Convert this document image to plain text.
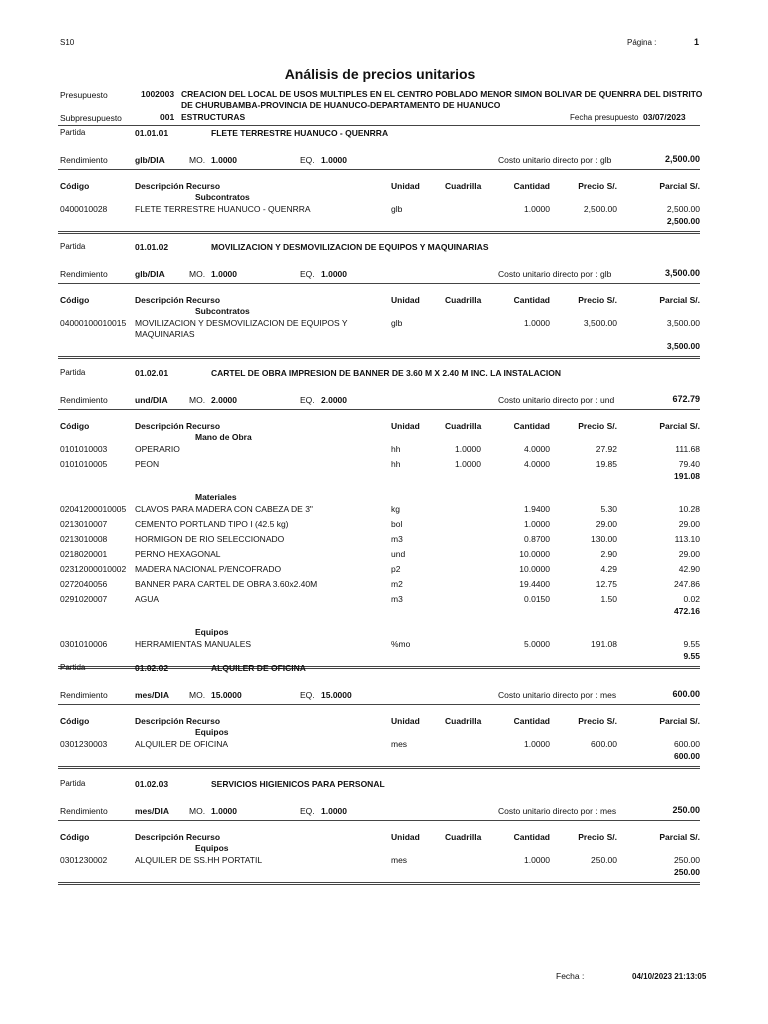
S10	Página :	1
Análisis de precios unitarios
Presupuesto	1002003 CREACION DEL LOCAL DE USOS MULTIPLES EN EL CENTRO POBLADO MENOR SIMON BOLIVAR DE QUENRRA DEL DISTRITO
DE CHURUBAMBA-PROVINCIA DE HUANUCO-DEPARTAMENTO DE HUANUCO
Subpresupuesto	001 ESTRUCTURAS	Fecha presupuesto 03/07/2023
Partida	01.01.01	FLETE TERRESTRE HUANUCO - QUENRRA
Rendimiento	glb/DIA	MO. 1.0000	EQ. 1.0000	Costo unitario directo por : glb	2,500.00
Código	Descripción Recurso	Unidad	Cuadrilla	Cantidad	Precio S/.	Parcial S/.
Subcontratos
0400010028	FLETE TERRESTRE HUANUCO - QUENRRA	glb	1.0000	2,500.00	2,500.00
2,500.00
Partida	01.01.02	MOVILIZACION Y DESMOVILIZACION DE EQUIPOS Y MAQUINARIAS
Rendimiento	glb/DIA	MO. 1.0000	EQ. 1.0000	Costo unitario directo por : glb	3,500.00
Código	Descripción Recurso	Unidad	Cuadrilla	Cantidad	Precio S/.	Parcial S/.
Subcontratos
04000100010015 MOVILIZACION Y DESMOVILIZACION DE EQUIPOS Y	glb	1.0000	3,500.00	3,500.00
MAQUINARIAS
3,500.00
Partida	01.02.01	CARTEL DE OBRA IMPRESION DE BANNER DE 3.60 M X 2.40 M INC. LA INSTALACION
Rendimiento	und/DIA	MO. 2.0000	EQ. 2.0000	Costo unitario directo por : und	672.79
Código	Descripción Recurso	Unidad	Cuadrilla	Cantidad	Precio S/.	Parcial S/.
Mano de Obra
0101010003	OPERARIO	hh	1.0000	4.0000	27.92	111.68
0101010005	PEON	hh	1.0000	4.0000	19.85	79.40
191.08
Materiales
02041200010005 CLAVOS PARA MADERA CON CABEZA DE 3"	kg	1.9400	5.30	10.28
0213010007	CEMENTO PORTLAND TIPO I (42.5 kg)	bol	1.0000	29.00	29.00
0213010008	HORMIGON DE RIO SELECCIONADO	m3	0.8700	130.00	113.10
0218020001	PERNO HEXAGONAL	und	10.0000	2.90	29.00
02312000010002 MADERA NACIONAL P/ENCOFRADO	p2	10.0000	4.29	42.90
0272040056	BANNER PARA CARTEL DE OBRA 3.60x2.40M	m2	19.4400	12.75	247.86
0291020007	AGUA	m3	0.0150	1.50	0.02
472.16
Equipos
0301010006	HERRAMIENTAS MANUALES	%mo	5.0000	191.08	9.55
9.55
Partida	01.02.02	ALQUILER DE OFICINA
Rendimiento	mes/DIA MO. 15.0000	EQ. 15.0000	Costo unitario directo por : mes	600.00
Código	Descripción Recurso	Unidad	Cuadrilla	Cantidad	Precio S/.	Parcial S/.
Equipos
0301230003	ALQUILER DE OFICINA	mes	1.0000	600.00	600.00
600.00
Partida	01.02.03	SERVICIOS HIGIENICOS PARA PERSONAL
Rendimiento	mes/DIA MO. 1.0000	EQ. 1.0000	Costo unitario directo por : mes	250.00
Código	Descripción Recurso	Unidad	Cuadrilla	Cantidad	Precio S/.	Parcial S/.
Equipos
0301230002	ALQUILER DE SS.HH PORTATIL	mes	1.0000	250.00	250.00
250.00
Fecha :	04/10/2023 21:13:05
